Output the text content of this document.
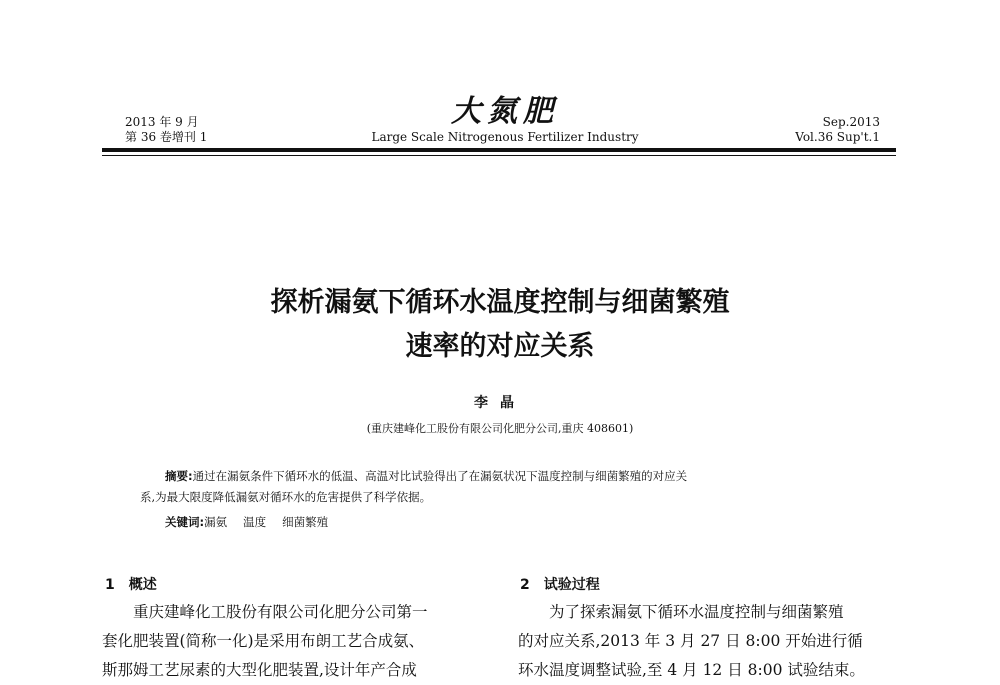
2013 年 9 月
第 36 卷增刊 1
大氮肥
Large Scale Nitrogenous Fertilizer Industry
Sep.2013
Vol.36 Sup't.1
探析漏氨下循环水温度控制与细菌繁殖
速率的对应关系
李晶
(重庆建峰化工股份有限公司化肥分公司,重庆 408601)
摘要:通过在漏氨条件下循环水的低温、高温对比试验得出了在漏氨状况下温度控制与细菌繁殖的对应关
系,为最大限度降低漏氨对循环水的危害提供了科学依据。
关键词:漏氨 温度 细菌繁殖
1 概述

重庆建峰化工股份有限公司化肥分公司第一

套化肥装置(简称一化)是采用布朗工艺合成氨、

斯那姆工艺尿素的大型化肥装置,设计年产合成

2 试验过程

为了探索漏氨下循环水温度控制与细菌繁殖

的对应关系,2013 年 3 月 27 日 8:00 开始进行循

环水温度调整试验,至 4 月 12 日 8:00 试验结束。
